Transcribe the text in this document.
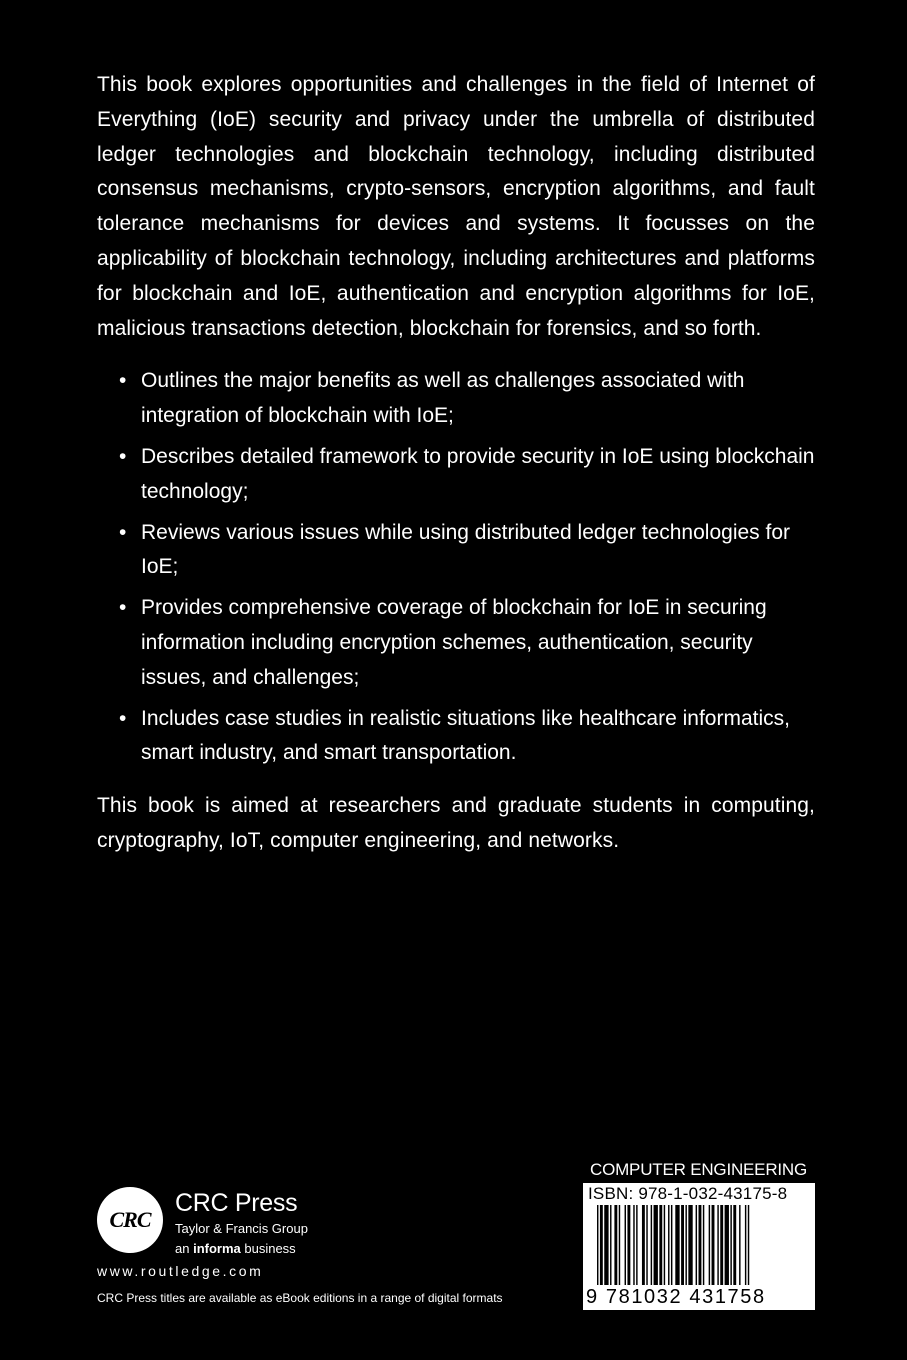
This book explores opportunities and challenges in the field of Internet of Everything (IoE) security and privacy under the umbrella of distributed ledger technologies and blockchain technology, including distributed consensus mechanisms, crypto-sensors, encryption algorithms, and fault tolerance mechanisms for devices and systems. It focusses on the applicability of blockchain technology, including architectures and platforms for blockchain and IoE, authentication and encryption algorithms for IoE, malicious transactions detection, blockchain for forensics, and so forth.

• Outlines the major benefits as well as challenges associated with integration of blockchain with IoE;
• Describes detailed framework to provide security in IoE using blockchain technology;
• Reviews various issues while using distributed ledger technologies for IoE;
• Provides comprehensive coverage of blockchain for IoE in securing information including encryption schemes, authentication, security issues, and challenges;
• Includes case studies in realistic situations like healthcare informatics, smart industry, and smart transportation.

This book is aimed at researchers and graduate students in computing, cryptography, IoT, computer engineering, and networks.

CRC
CRC Press
Taylor & Francis Group
an informa business
www.routledge.com
CRC Press titles are available as eBook editions in a range of digital formats
COMPUTER ENGINEERING
ISBN: 978-1-032-43175-8
9 781032 431758
